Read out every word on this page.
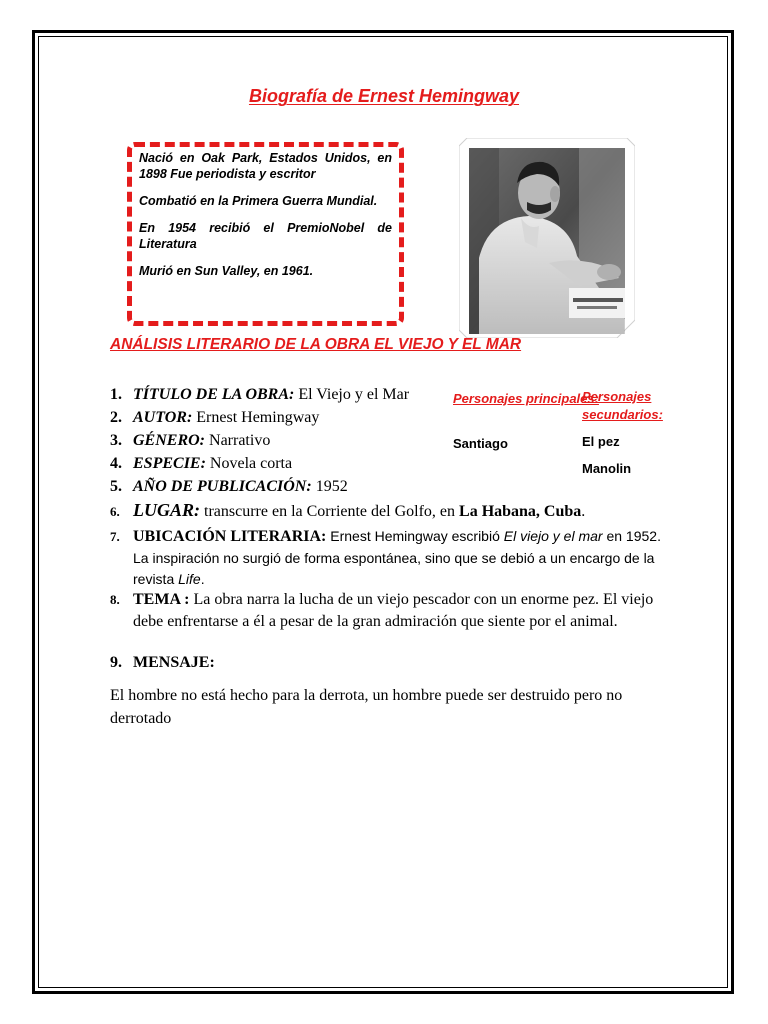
Biografía de Ernest Hemingway

Nació en Oak Park, Estados Unidos, en 1898 Fue periodista y escritor

Combatió en la Primera Guerra Mundial.

En 1954 recibió el PremioNobel de Literatura

Murió en Sun Valley, en 1961.

ANÁLISIS LITERARIO DE LA OBRA EL VIEJO Y EL MAR
1. TÍTULO DE LA OBRA: El Viejo y el Mar
2. AUTOR: Ernest Hemingway
3. GÉNERO: Narrativo
4. ESPECIE: Novela corta
5. AÑO DE PUBLICACIÓN: 1952
Personajes principales:
Santiago
Personajes secundarios:
El pez
Manolin
6. LUGAR: transcurre en la Corriente del Golfo, en La Habana, Cuba.
7. UBICACIÓN LITERARIA: Ernest Hemingway escribió El viejo y el mar en 1952. La inspiración no surgió de forma espontánea, sino que se debió a un encargo de la revista Life.
8. TEMA : La obra narra la lucha de un viejo pescador con un enorme pez. El viejo debe enfrentarse a él a pesar de la gran admiración que siente por el animal.
9. MENSAJE:
El hombre no está hecho para la derrota, un hombre puede ser destruido pero no derrotado
